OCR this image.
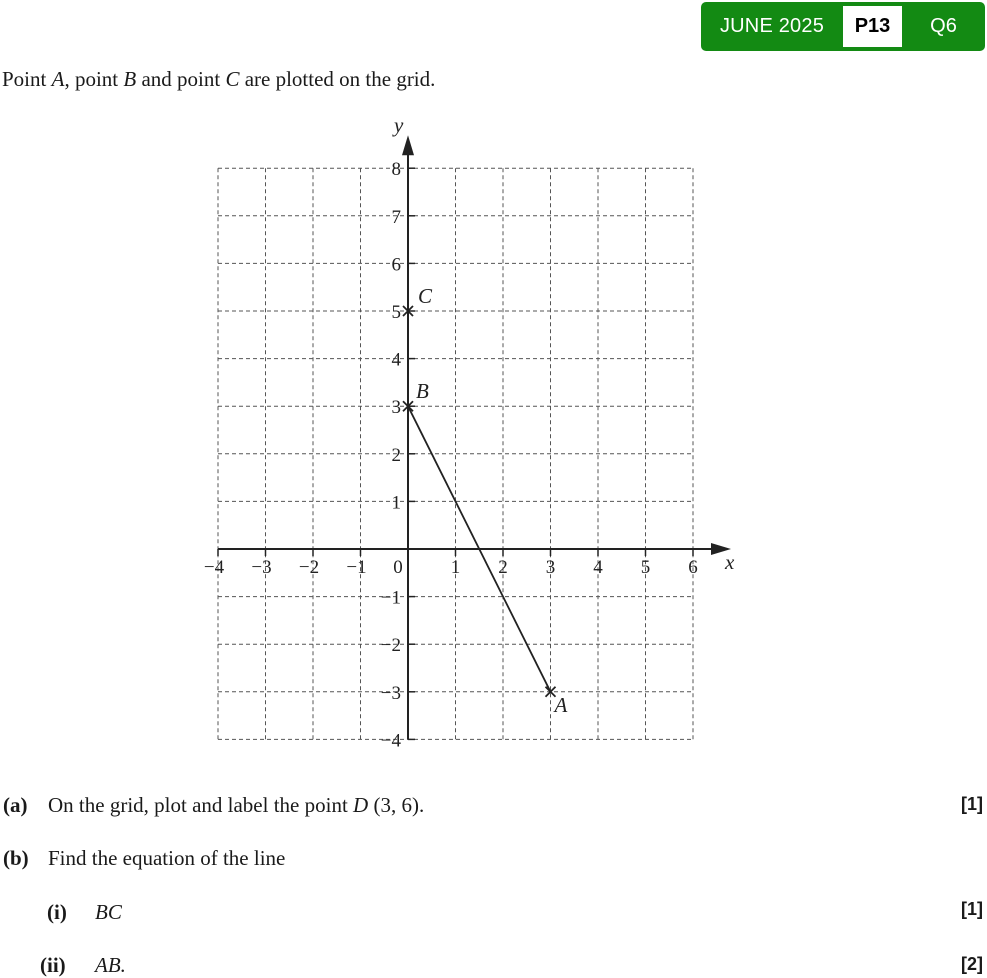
JUNE 2025	P13	Q6
Point A, point B and point C are plotted on the grid.
x
y
−4 −3 −2 −1 0	1 2 3 4 5 6
−4
−3
−2
−1
1
2
3
4
5
6
7
8
C
B
A
(a) On the grid, plot and label the point D (3, 6).	[1]
(b) Find the equation of the line
(i) BC	[1]
(ii) AB.	[2]
